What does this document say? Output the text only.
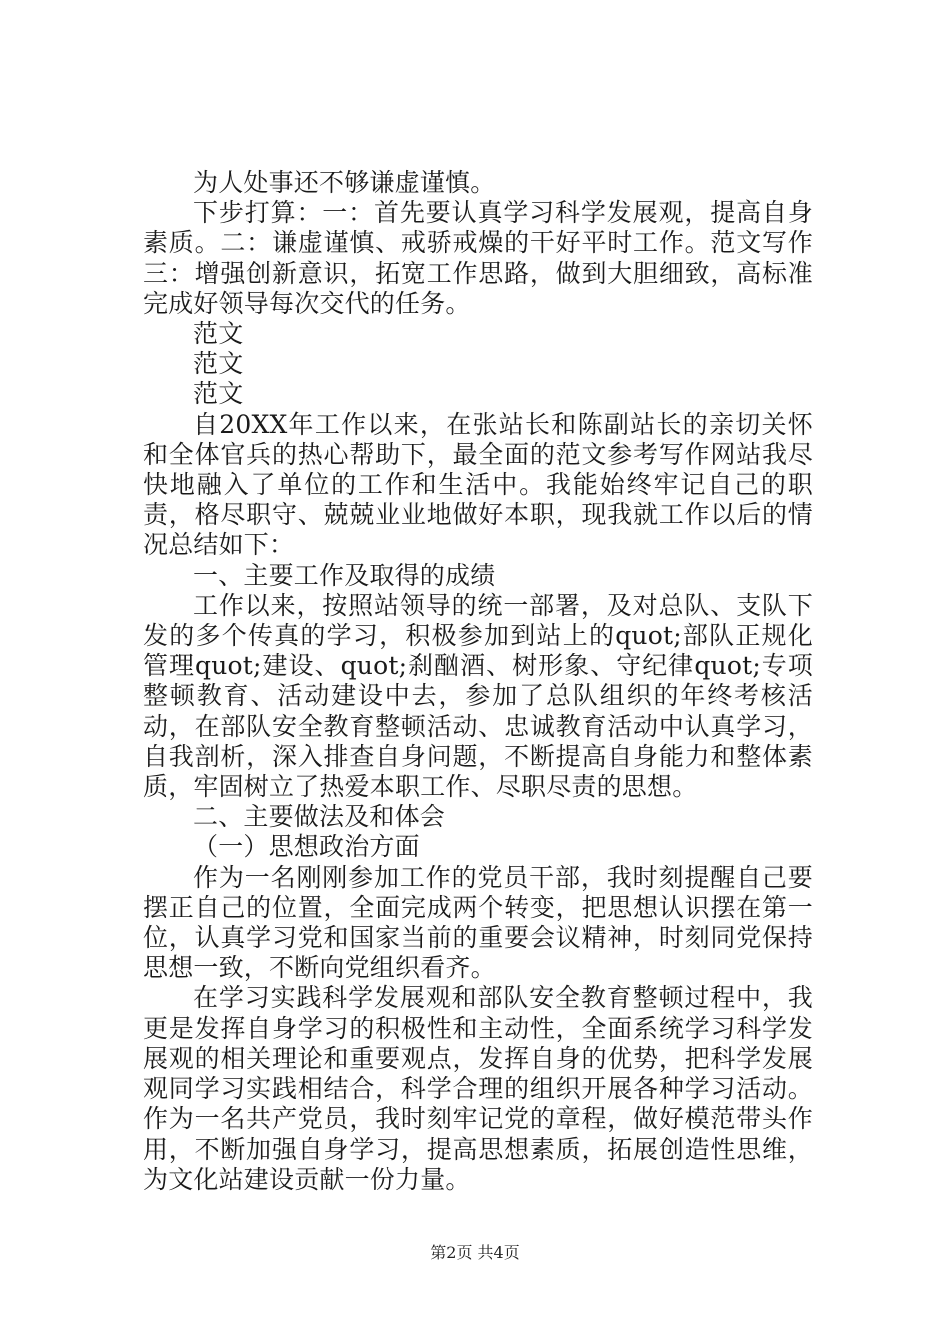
为人处事还不够谦虚谨慎。

下步打算：一：首先要认真学习科学发展观，提高自身素质。二：谦虚谨慎、戒骄戒燥的干好平时工作。范文写作三：增强创新意识，拓宽工作思路，做到大胆细致，高标准完成好领导每次交代的任务。

范文

范文

范文

自20XX年工作以来，在张站长和陈副站长的亲切关怀和全体官兵的热心帮助下，最全面的范文参考写作网站我尽快地融入了单位的工作和生活中。我能始终牢记自己的职责，格尽职守、兢兢业业地做好本职，现我就工作以后的情况总结如下：

一、主要工作及取得的成绩

工作以来，按照站领导的统一部署，及对总队、支队下发的多个传真的学习，积极参加到站上的quot;部队正规化管理quot;建设、quot;刹酗酒、树形象、守纪律quot;专项整顿教育、活动建设中去，参加了总队组织的年终考核活动，在部队安全教育整顿活动、忠诚教育活动中认真学习，自我剖析，深入排查自身问题，不断提高自身能力和整体素质，牢固树立了热爱本职工作、尽职尽责的思想。

二、主要做法及和体会

（一）思想政治方面

作为一名刚刚参加工作的党员干部，我时刻提醒自己要摆正自己的位置，全面完成两个转变，把思想认识摆在第一位，认真学习党和国家当前的重要会议精神，时刻同党保持思想一致，不断向党组织看齐。

在学习实践科学发展观和部队安全教育整顿过程中，我更是发挥自身学习的积极性和主动性，全面系统学习科学发展观的相关理论和重要观点，发挥自身的优势，把科学发展观同学习实践相结合，科学合理的组织开展各种学习活动。作为一名共产党员，我时刻牢记党的章程，做好模范带头作用，不断加强自身学习，提高思想素质，拓展创造性思维，为文化站建设贡献一份力量。

第2页 共4页
